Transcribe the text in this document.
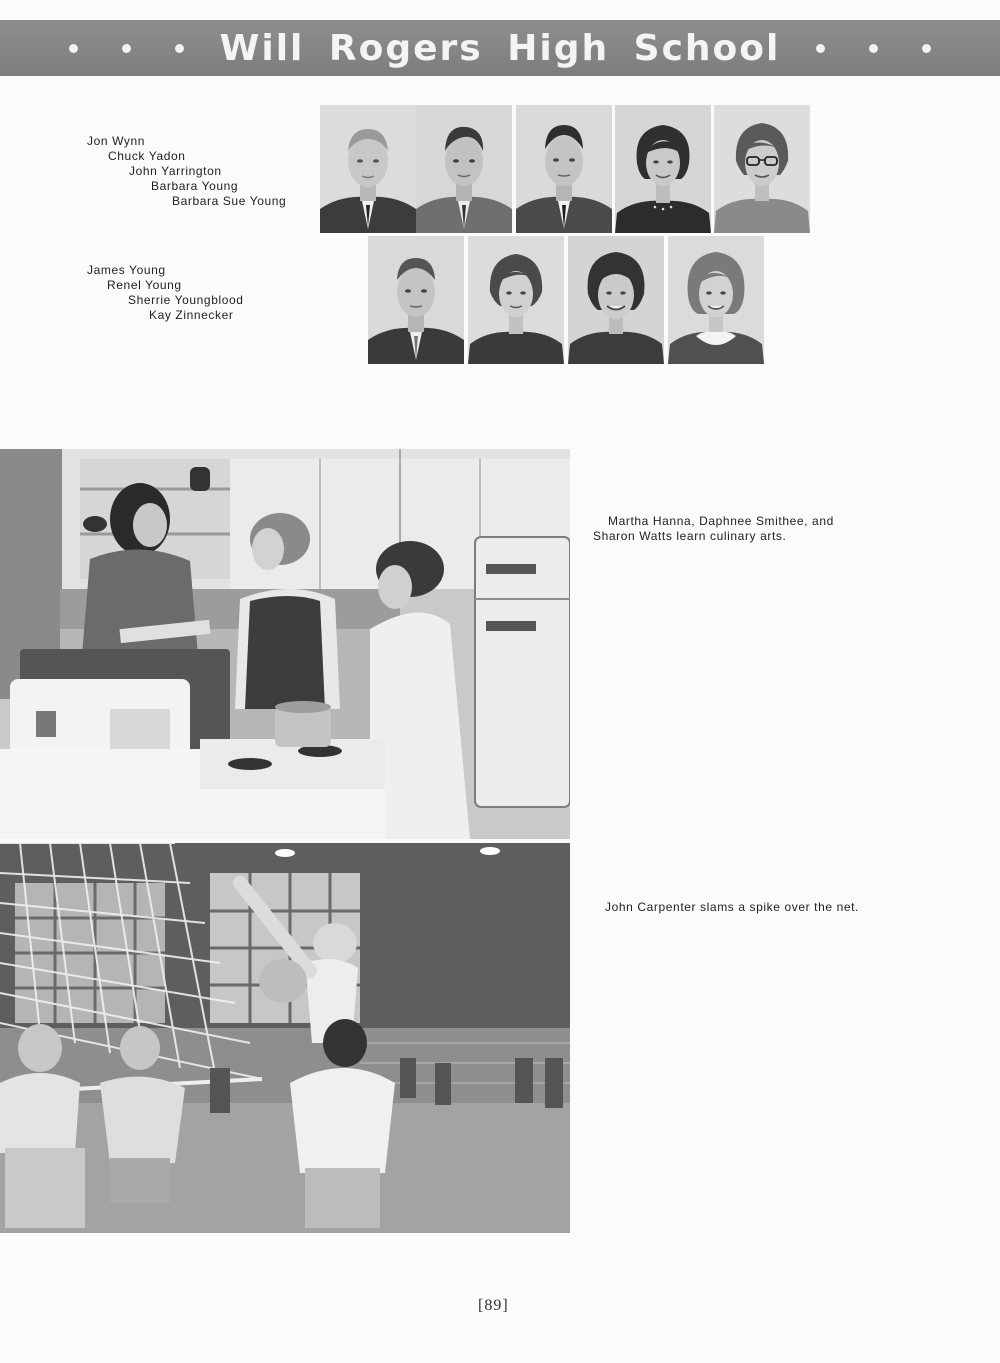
Will Rogers High School
Jon Wynn
Chuck Yadon
John Yarrington
Barbara Young
Barbara Sue Young
James Young
Renel Young
Sherrie Youngblood
Kay Zinnecker
Martha Hanna, Daphnee Smithee, and
Sharon Watts learn culinary arts.
John Carpenter slams a spike over the net.
[89]
